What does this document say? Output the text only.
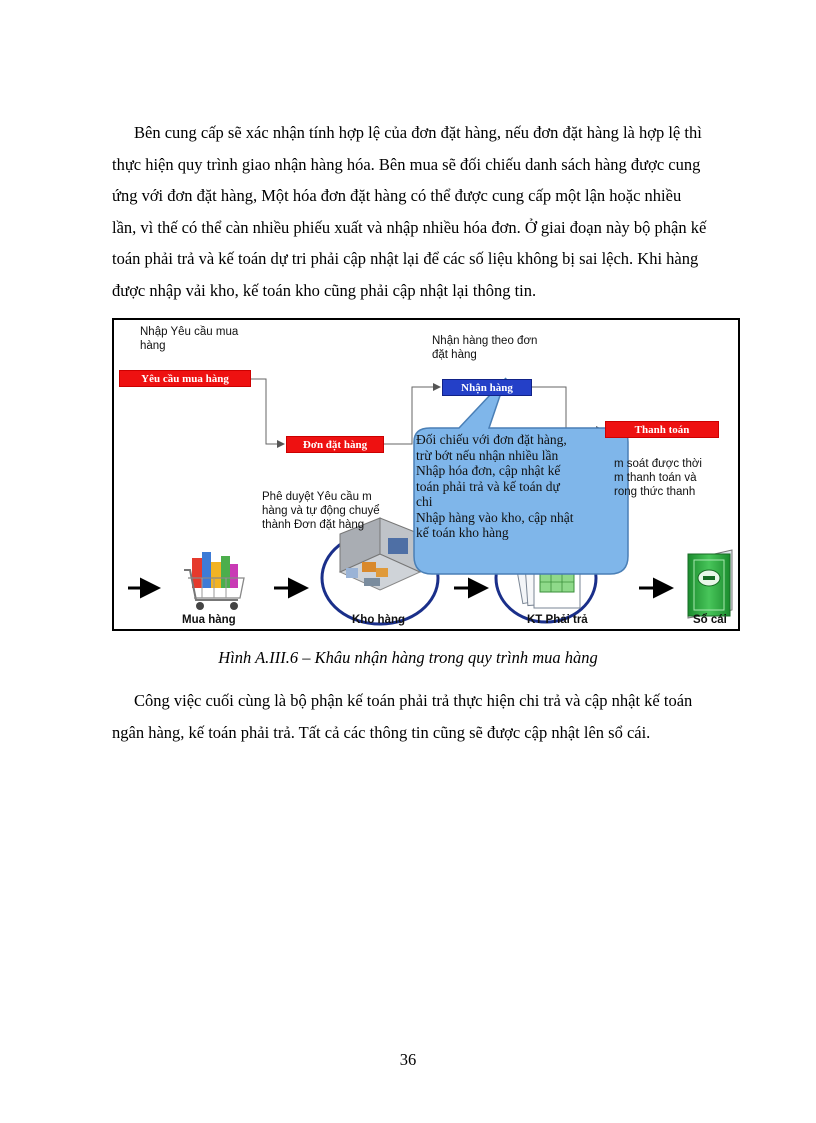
Bên cung cấp sẽ xác nhận tính hợp lệ của đơn đặt hàng, nếu đơn đặt hàng là hợp lệ thì
thực hiện quy trình giao nhận hàng hóa. Bên mua sẽ đối chiếu danh sách hàng được cung
ứng với đơn đặt hàng, Một hóa đơn đặt hàng có thể được cung cấp một lận hoặc nhiều
lần, vì thế có thể càn nhiều phiếu xuất và nhập nhiều hóa đơn. Ở giai đoạn này bộ phận kế
toán phải trả và kế toán dự tri phải cập nhật lại để các số liệu không bị sai lệch. Khi hàng
được nhập vải kho, kế toán kho cũng phải cập nhật lại thông tin.
Nhập Yêu cầu mua
hàng	Nhận hàng theo đơn
đặt hàng
Phê duyệt Yêu cầu m
hàng và tự động chuyể
thành Đơn đặt hàng
m soát được thời
m thanh toán và
rong thức thanh
Yêu cầu mua hàng
Đơn đặt hàng
Nhận hàng
Thanh toán
Đối chiếu với đơn đặt hàng,
trừ bớt nếu nhận nhiều lần
Nhập hóa đơn, cập nhật kế
toán phải trả và kế toán dự
chi
Nhập hàng vào kho, cập nhật
kế toán kho hàng
Mua hàng	Kho hàng	KT Phải trả	Sổ cái
Hình A.III.6 – Khâu nhận hàng trong quy trình mua hàng
Công việc cuối cùng là bộ phận kế toán phải trả thực hiện chi trả và cập nhật kế toán
ngân hàng, kế toán phải trả. Tất cả các thông tin cũng sẽ được cập nhật lên sổ cái.
36
